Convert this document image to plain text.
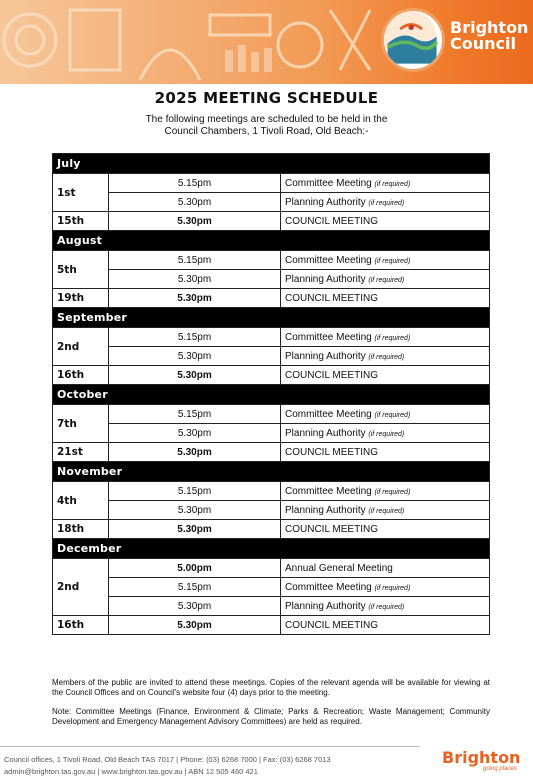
Brighton
Council
2025 MEETING SCHEDULE
The following meetings are scheduled to be held in the
Council Chambers, 1 Tivoli Road, Old Beach:-
July		
1st	5.15pm	Committee Meeting (if required)
	5.30pm	Planning Authority (if required)
15th	5.30pm	COUNCIL MEETING
August		
5th	5.15pm	Committee Meeting (if required)
	5.30pm	Planning Authority (if required)
19th	5.30pm	COUNCIL MEETING
September		
2nd	5.15pm	Committee Meeting (if required)
	5.30pm	Planning Authority (if required)
16th	5.30pm	COUNCIL MEETING
October		
7th	5.15pm	Committee Meeting (if required)
	5.30pm	Planning Authority (if required)
21st	5.30pm	COUNCIL MEETING
November		
4th	5.15pm	Committee Meeting (if required)
	5.30pm	Planning Authority (if required)
18th	5.30pm	COUNCIL MEETING
December		
2nd	5.00pm	Annual General Meeting
	5.15pm	Committee Meeting (if required)
	5.30pm	Planning Authority (if required)
16th	5.30pm	COUNCIL MEETING

Members of the public are invited to attend these meetings. Copies of the relevant agenda will be available for viewing at the Council Offices and on Council's website four (4) days prior to the meeting.

Note: Committee Meetings (Finance, Environment & Climate; Parks & Recreation; Waste Management; Community Development and Emergency Management Advisory Committees) are held as required.

Council offices, 1 Tivoli Road, Old Beach TAS 7017 | Phone: (03) 6268 7000 | Fax: (03) 6268 7013
admin@brighton.tas.gov.au | www.brighton.tas.gov.au | ABN 12 505 460 421
Brighton
going places
